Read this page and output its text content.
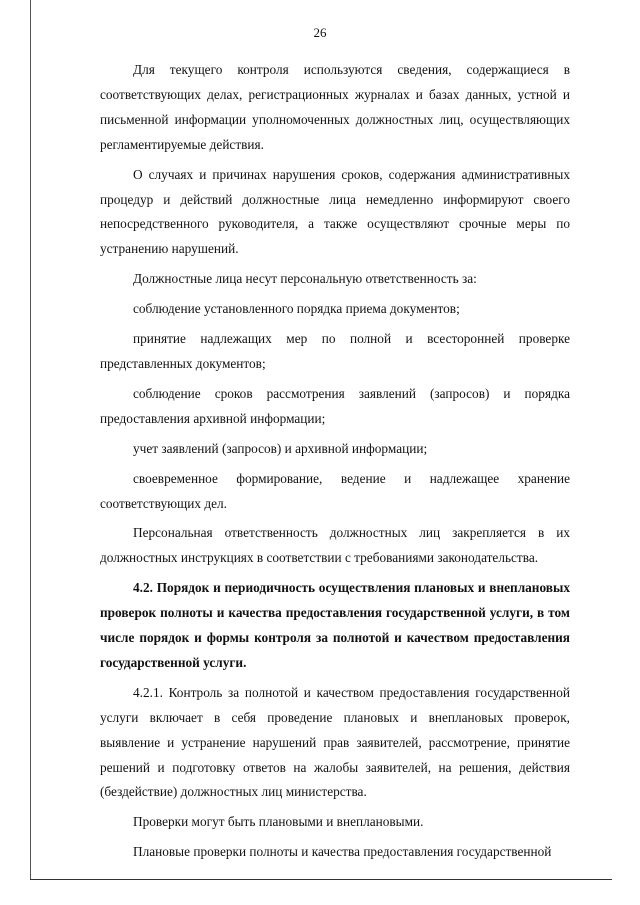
26

Для текущего контроля используются сведения, содержащиеся в соответствующих делах, регистрационных журналах и базах данных, устной и письменной информации уполномоченных должностных лиц, осуществляющих регламентируемые действия.

О случаях и причинах нарушения сроков, содержания административных процедур и действий должностные лица немедленно информируют своего непосредственного руководителя, а также осуществляют срочные меры по устранению нарушений.

Должностные лица несут персональную ответственность за:

соблюдение установленного порядка приема документов;

принятие надлежащих мер по полной и всесторонней проверке представленных документов;

соблюдение сроков рассмотрения заявлений (запросов) и порядка предоставления архивной информации;

учет заявлений (запросов) и архивной информации;

своевременное формирование, ведение и надлежащее хранение соответствующих дел.

Персональная ответственность должностных лиц закрепляется в их должностных инструкциях в соответствии с требованиями законодательства.

4.2. Порядок и периодичность осуществления плановых и внеплановых проверок полноты и качества предоставления государственной услуги, в том числе порядок и формы контроля за полнотой и качеством предоставления государственной услуги.

4.2.1. Контроль за полнотой и качеством предоставления государственной услуги включает в себя проведение плановых и внеплановых проверок, выявление и устранение нарушений прав заявителей, рассмотрение, принятие решений и подготовку ответов на жалобы заявителей, на решения, действия (бездействие) должностных лиц министерства.

Проверки могут быть плановыми и внеплановыми.

Плановые проверки полноты и качества предоставления государственной
